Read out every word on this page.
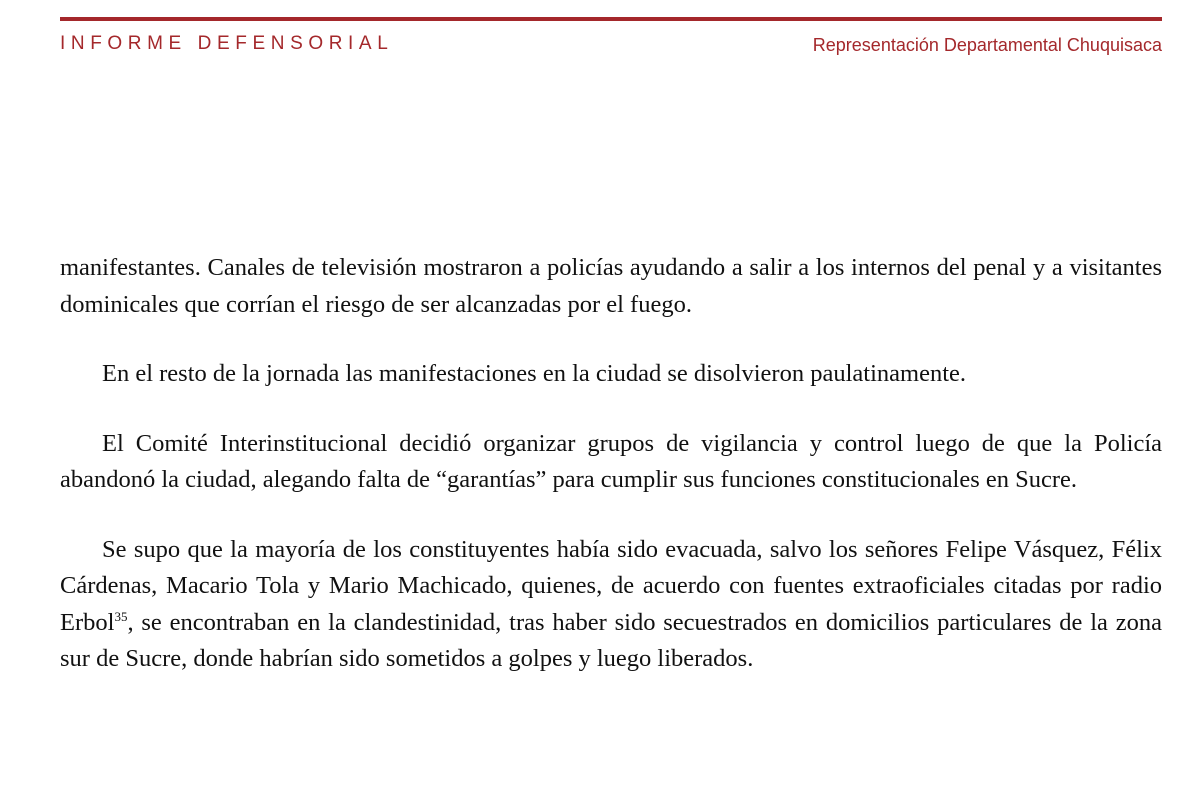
INFORME DEFENSORIAL	Representación Departamental Chuquisaca

manifestantes. Canales de televisión mostraron a policías ayudando a salir a los internos del penal y a visitantes dominicales que corrían el riesgo de ser alcanzadas por el fuego.

En el resto de la jornada las manifestaciones en la ciudad se disolvieron paulatinamente.

El Comité Interinstitucional decidió organizar grupos de vigilancia y control luego de que la Policía abandonó la ciudad, alegando falta de “garantías” para cumplir sus funciones constitucionales en Sucre.

Se supo que la mayoría de los constituyentes había sido evacuada, salvo los señores Felipe Vásquez, Félix Cárdenas, Macario Tola y Mario Machicado, quienes, de acuerdo con fuentes extraoficiales citadas por radio Erbol$^{35}$, se encontraban en la clandestinidad, tras haber sido secuestrados en domicilios particulares de la zona sur de Sucre, donde habrían sido sometidos a golpes y luego liberados.
